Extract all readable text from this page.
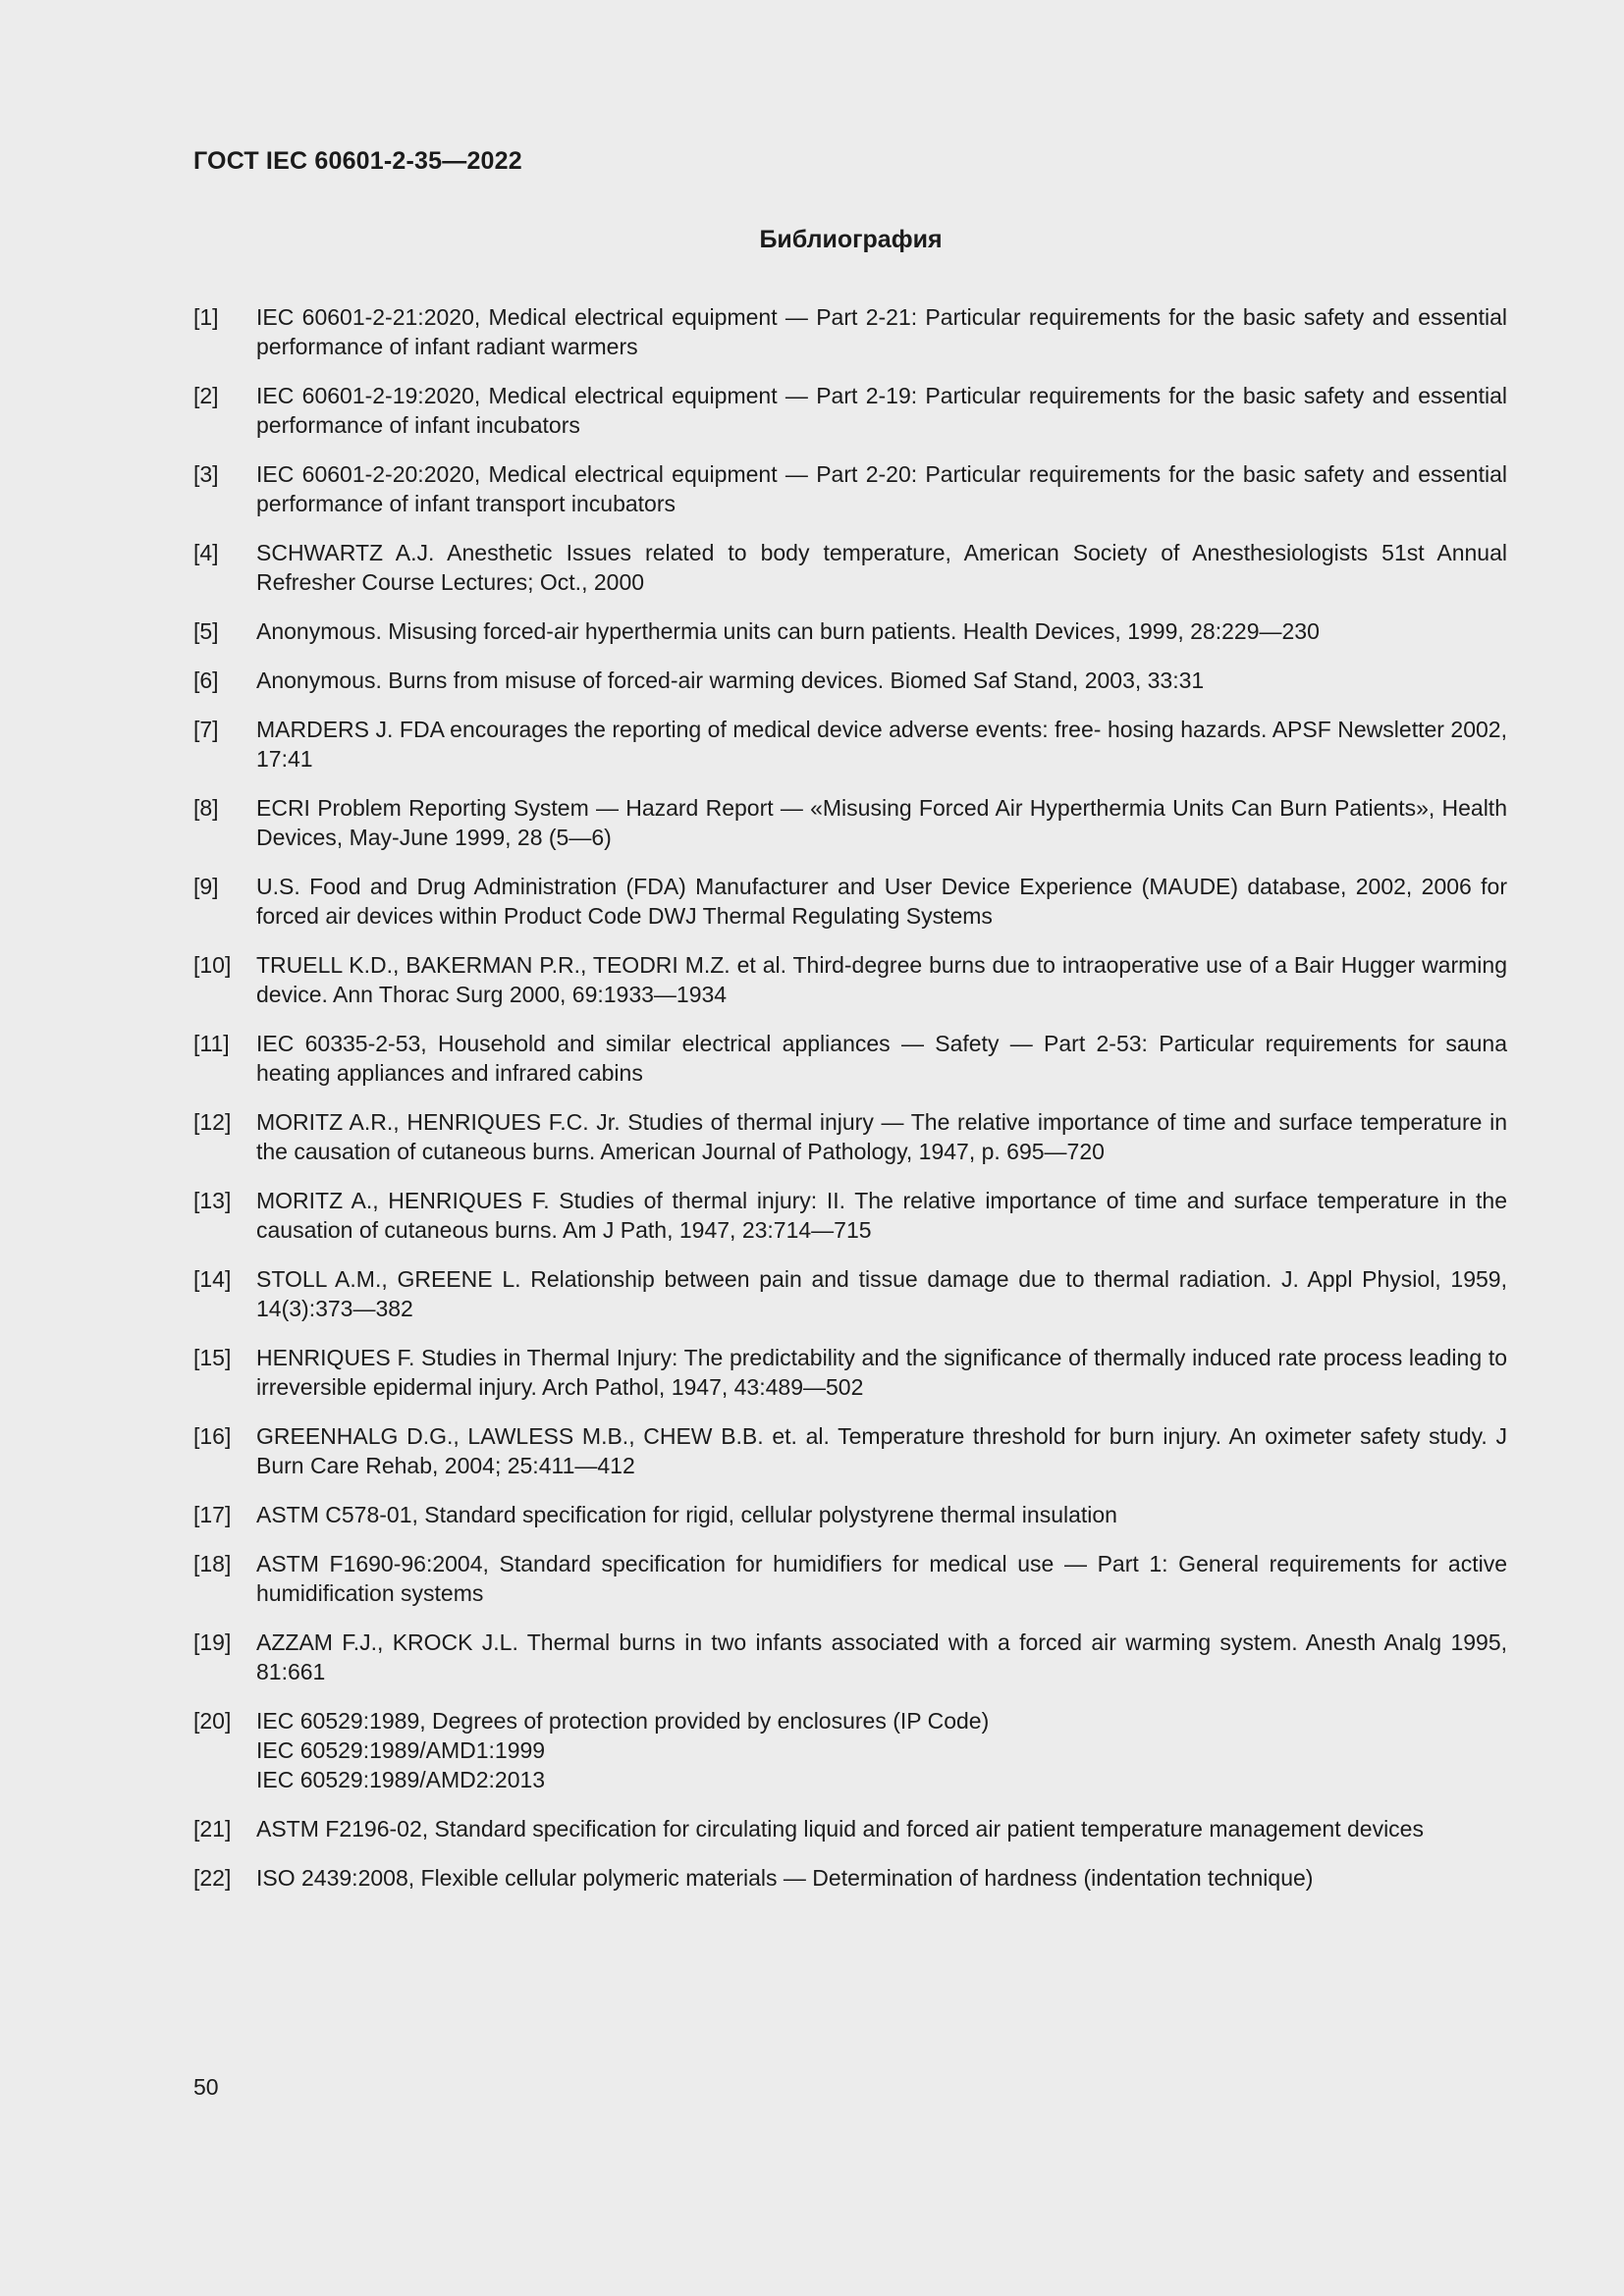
ГОСТ IEC 60601-2-35—2022
Библиография
[1] IEC 60601-2-21:2020, Medical electrical equipment — Part 2-21: Particular requirements for the basic safety and essential performance of infant radiant warmers
[2] IEC 60601-2-19:2020, Medical electrical equipment — Part 2-19: Particular requirements for the basic safety and essential performance of infant incubators
[3] IEC 60601-2-20:2020, Medical electrical equipment — Part 2-20: Particular requirements for the basic safety and essential performance of infant transport incubators
[4] SCHWARTZ A.J. Anesthetic Issues related to body temperature, American Society of Anesthesiologists 51st Annual Refresher Course Lectures; Oct., 2000
[5] Anonymous. Misusing forced-air hyperthermia units can burn patients. Health Devices, 1999, 28:229—230
[6] Anonymous. Burns from misuse of forced-air warming devices. Biomed Saf Stand, 2003, 33:31
[7] MARDERS J. FDA encourages the reporting of medical device adverse events: free- hosing hazards. APSF Newsletter 2002, 17:41
[8] ECRI Problem Reporting System — Hazard Report — «Misusing Forced Air Hyperthermia Units Can Burn Patients», Health Devices, May-June 1999, 28 (5—6)
[9] U.S. Food and Drug Administration (FDA) Manufacturer and User Device Experience (MAUDE) database, 2002, 2006 for forced air devices within Product Code DWJ Thermal Regulating Systems
[10] TRUELL K.D., BAKERMAN P.R., TEODRI M.Z. et al. Third-degree burns due to intraoperative use of a Bair Hugger warming device. Ann Thorac Surg 2000, 69:1933—1934
[11] IEC 60335-2-53, Household and similar electrical appliances — Safety — Part 2-53: Particular requirements for sauna heating appliances and infrared cabins
[12] MORITZ A.R., HENRIQUES F.C. Jr. Studies of thermal injury — The relative importance of time and surface temperature in the causation of cutaneous burns. American Journal of Pathology, 1947, p. 695—720
[13] MORITZ A., HENRIQUES F. Studies of thermal injury: II. The relative importance of time and surface temperature in the causation of cutaneous burns. Am J Path, 1947, 23:714—715
[14] STOLL A.M., GREENE L. Relationship between pain and tissue damage due to thermal radiation. J. Appl Physiol, 1959, 14(3):373—382
[15] HENRIQUES F. Studies in Thermal Injury: The predictability and the significance of thermally induced rate process leading to irreversible epidermal injury. Arch Pathol, 1947, 43:489—502
[16] GREENHALG D.G., LAWLESS M.B., CHEW B.B. et. al. Temperature threshold for burn injury. An oximeter safety study. J Burn Care Rehab, 2004; 25:411—412
[17] ASTM C578-01, Standard specification for rigid, cellular polystyrene thermal insulation
[18] ASTM F1690-96:2004, Standard specification for humidifiers for medical use — Part 1: General requirements for active humidification systems
[19] AZZAM F.J., KROCK J.L. Thermal burns in two infants associated with a forced air warming system. Anesth Analg 1995, 81:661
[20] IEC 60529:1989, Degrees of protection provided by enclosures (IP Code)
IEC 60529:1989/AMD1:1999
IEC 60529:1989/AMD2:2013
[21] ASTM F2196-02, Standard specification for circulating liquid and forced air patient temperature management devices
[22] ISO 2439:2008, Flexible cellular polymeric materials — Determination of hardness (indentation technique)
50
